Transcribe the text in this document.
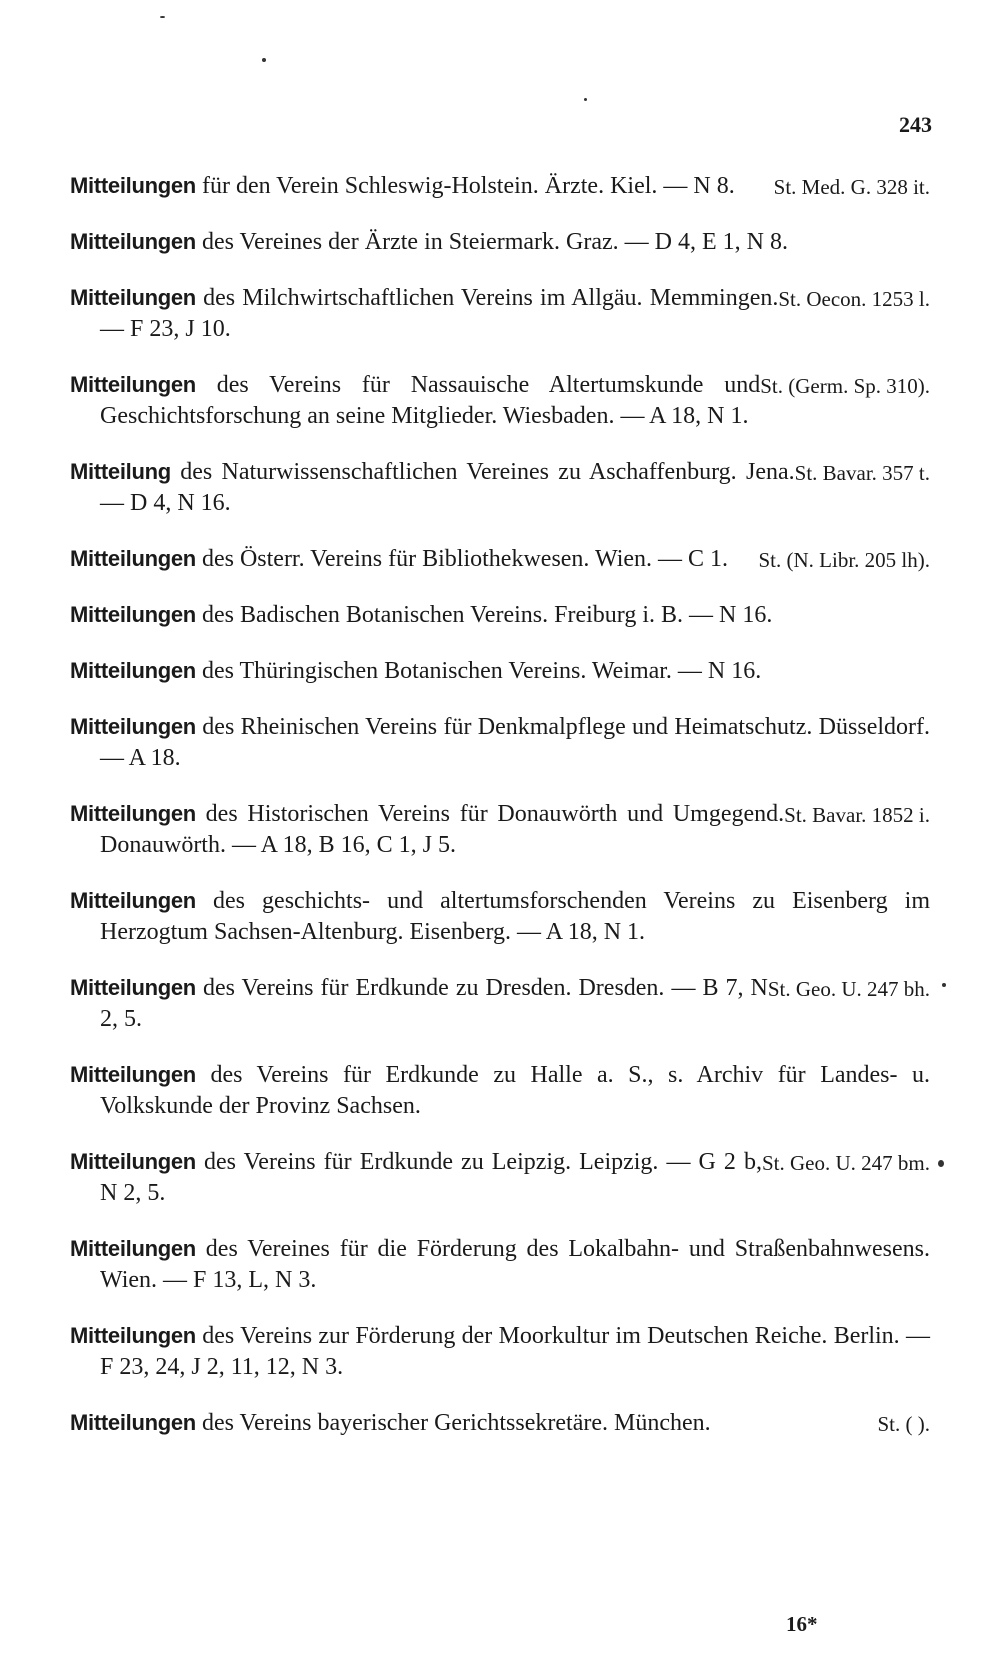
243
St. Med. G. 328 it.
Mitteilungen für den Verein Schleswig-Holstein. Ärzte. Kiel. — N 8.
Mitteilungen des Vereines der Ärzte in Steiermark. Graz. — D 4, E 1, N 8.
St. Oecon. 1253 l.
Mitteilungen des Milchwirtschaftlichen Vereins im Allgäu. Memmingen. — F 23, J 10.
St. (Germ. Sp. 310).
Mitteilungen des Vereins für Nassauische Altertumskunde und Geschichtsforschung an seine Mitglieder. Wiesbaden. — A 18, N 1.
St. Bavar. 357 t.
Mitteilung des Naturwissenschaftlichen Vereines zu Aschaffenburg. Jena. — D 4, N 16.
St. (N. Libr. 205 lh).
Mitteilungen des Österr. Vereins für Bibliothekwesen. Wien. — C 1.
Mitteilungen des Badischen Botanischen Vereins. Freiburg i. B. — N 16.
Mitteilungen des Thüringischen Botanischen Vereins. Weimar. — N 16.
Mitteilungen des Rheinischen Vereins für Denkmalpflege und Heimatschutz. Düsseldorf. — A 18.
St. Bavar. 1852 i.
Mitteilungen des Historischen Vereins für Donauwörth und Umgegend. Donauwörth. — A 18, B 16, C 1, J 5.
Mitteilungen des geschichts- und altertumsforschenden Vereins zu Eisenberg im Herzogtum Sachsen-Altenburg. Eisenberg. — A 18, N 1.
St. Geo. U. 247 bh.
Mitteilungen des Vereins für Erdkunde zu Dresden. Dresden. — B 7, N 2, 5.
Mitteilungen des Vereins für Erdkunde zu Halle a. S., s. Archiv für Landes- u. Volkskunde der Provinz Sachsen.
St. Geo. U. 247 bm.
Mitteilungen des Vereins für Erdkunde zu Leipzig. Leipzig. — G 2 b, N 2, 5.
Mitteilungen des Vereines für die Förderung des Lokalbahn- und Straßenbahnwesens. Wien. — F 13, L, N 3.
Mitteilungen des Vereins zur Förderung der Moorkultur im Deutschen Reiche. Berlin. —F 23, 24, J 2, 11, 12, N 3.
St. ( ).
Mitteilungen des Vereins bayerischer Gerichtssekretäre. München.
16*
